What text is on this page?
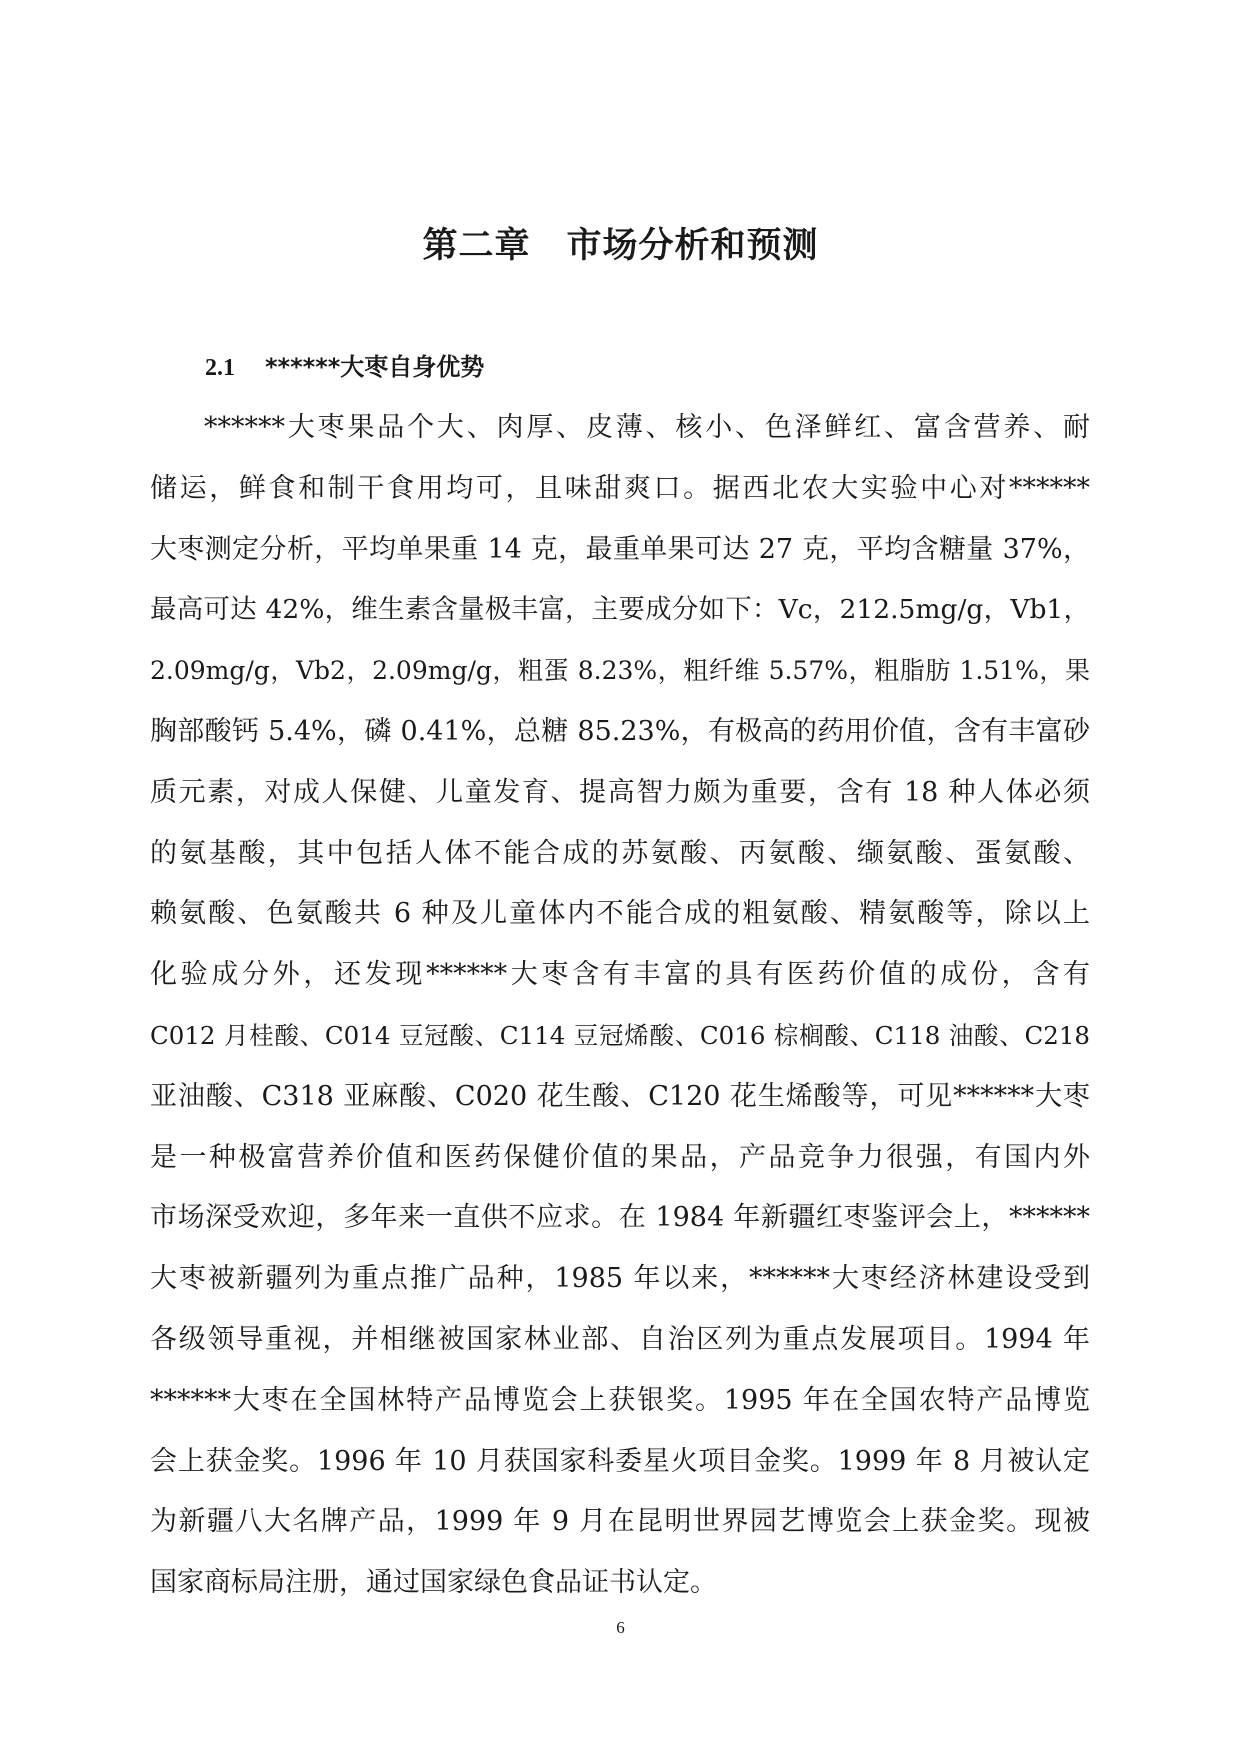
第二章　市场分析和预测
2.1 ******大枣自身优势
******大枣果品个大、肉厚、皮薄、核小、色泽鲜红、富含营养、耐
储运，鲜食和制干食用均可，且味甜爽口。据西北农大实验中心对******
大枣测定分析，平均单果重 14 克，最重单果可达 27 克，平均含糖量 37%，
最高可达 42%，维生素含量极丰富，主要成分如下：Vc，212.5mg/g，Vb1，
2.09mg/g，Vb2，2.09mg/g，粗蛋 8.23%，粗纤维 5.57%，粗脂肪 1.51%，果
胸部酸钙 5.4%，磷 0.41%，总糖 85.23%，有极高的药用价值，含有丰富砂
质元素，对成人保健、儿童发育、提高智力颇为重要，含有 18 种人体必须
的氨基酸，其中包括人体不能合成的苏氨酸、丙氨酸、缬氨酸、蛋氨酸、
赖氨酸、色氨酸共 6 种及儿童体内不能合成的粗氨酸、精氨酸等，除以上
化验成分外，还发现******大枣含有丰富的具有医药价值的成份，含有
C012 月桂酸、C014 豆冠酸、C114 豆冠烯酸、C016 棕榈酸、C118 油酸、C218
亚油酸、C318 亚麻酸、C020 花生酸、C120 花生烯酸等，可见******大枣
是一种极富营养价值和医药保健价值的果品，产品竞争力很强，有国内外
市场深受欢迎，多年来一直供不应求。在 1984 年新疆红枣鉴评会上，******
大枣被新疆列为重点推广品种，1985 年以来，******大枣经济林建设受到
各级领导重视，并相继被国家林业部、自治区列为重点发展项目。1994 年
******大枣在全国林特产品博览会上获银奖。1995 年在全国农特产品博览
会上获金奖。1996 年 10 月获国家科委星火项目金奖。1999 年 8 月被认定
为新疆八大名牌产品，1999 年 9 月在昆明世界园艺博览会上获金奖。现被
国家商标局注册，通过国家绿色食品证书认定。
6
